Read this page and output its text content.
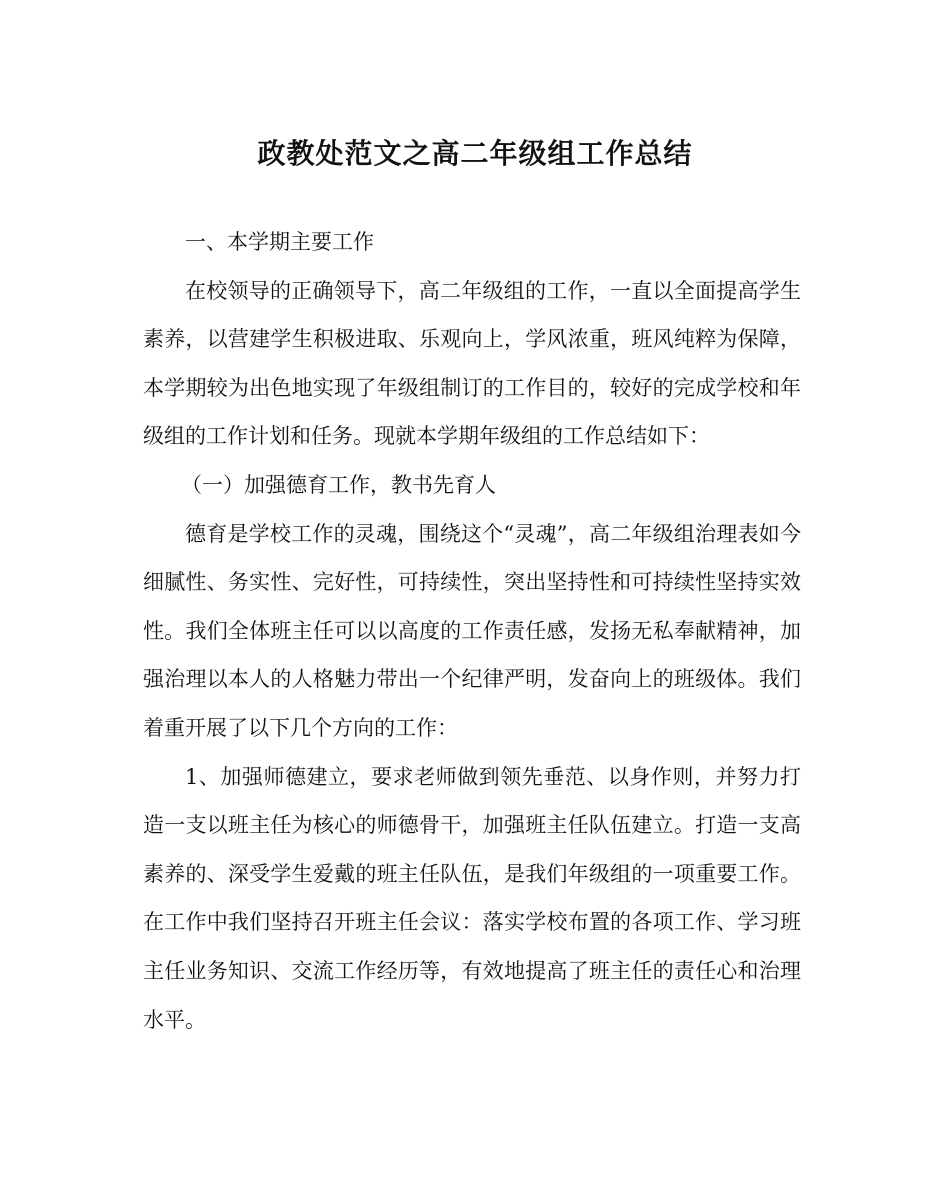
政教处范文之高二年级组工作总结

一、本学期主要工作

在校领导的正确领导下，高二年级组的工作，一直以全面提高学生素养，以营建学生积极进取、乐观向上，学风浓重，班风纯粹为保障，本学期较为出色地实现了年级组制订的工作目的，较好的完成学校和年级组的工作计划和任务。现就本学期年级组的工作总结如下：

（一）加强德育工作，教书先育人

德育是学校工作的灵魂，围绕这个“灵魂”，高二年级组治理表如今细腻性、务实性、完好性，可持续性，突出坚持性和可持续性坚持实效性。我们全体班主任可以以高度的工作责任感，发扬无私奉献精神，加强治理以本人的人格魅力带出一个纪律严明，发奋向上的班级体。我们着重开展了以下几个方向的工作：

1、加强师德建立，要求老师做到领先垂范、以身作则，并努力打造一支以班主任为核心的师德骨干，加强班主任队伍建立。打造一支高素养的、深受学生爱戴的班主任队伍，是我们年级组的一项重要工作。在工作中我们坚持召开班主任会议：落实学校布置的各项工作、学习班主任业务知识、交流工作经历等，有效地提高了班主任的责任心和治理水平。
